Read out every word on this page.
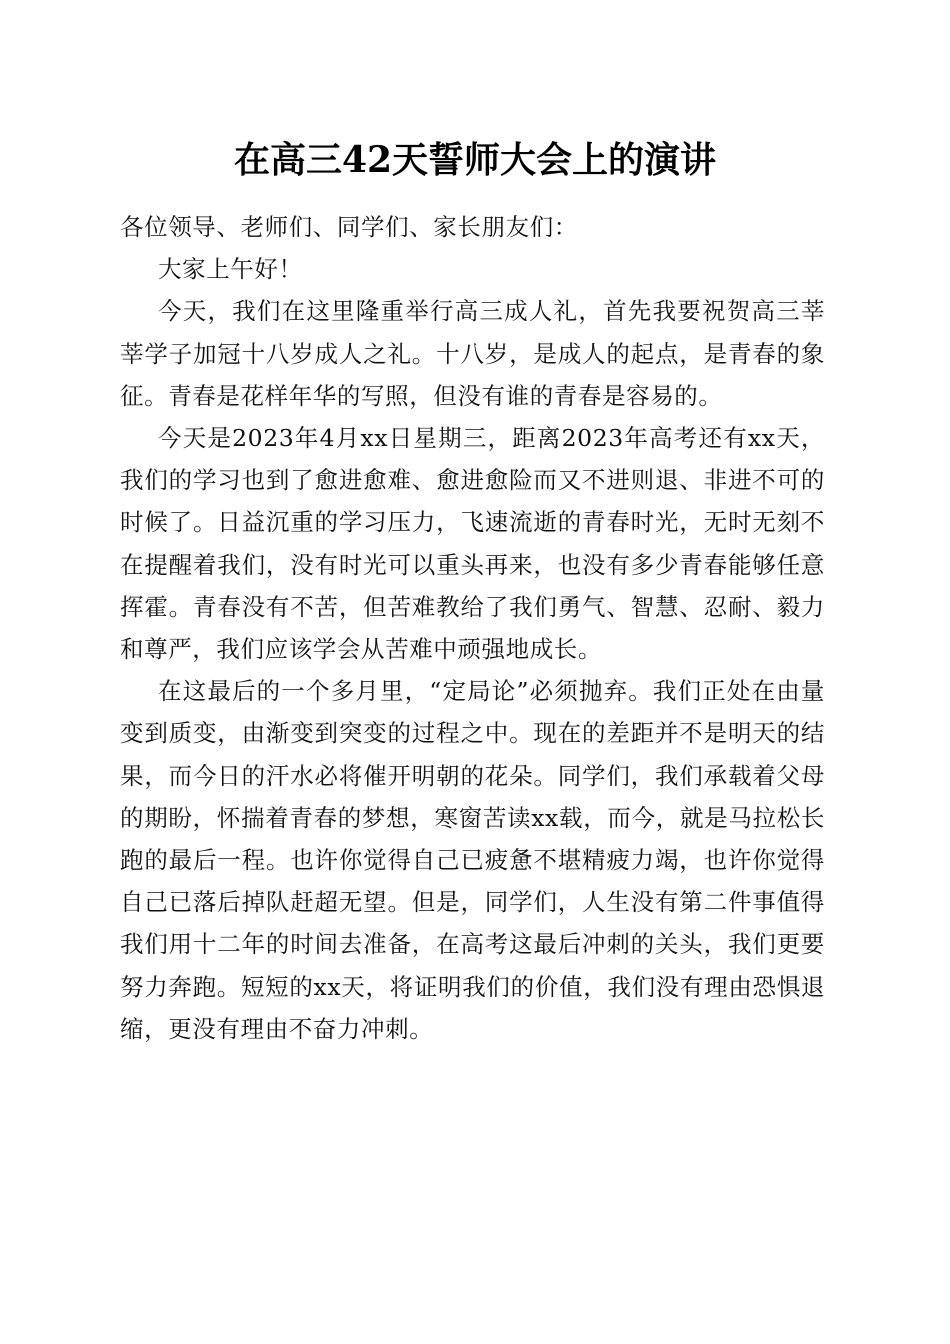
在高三42天誓师大会上的演讲

各位领导、老师们、同学们、家长朋友们：

大家上午好！

今天，我们在这里隆重举行高三成人礼，首先我要祝贺高三莘莘学子加冠十八岁成人之礼。十八岁，是成人的起点，是青春的象征。青春是花样年华的写照，但没有谁的青春是容易的。

今天是2023年4月xx日星期三，距离2023年高考还有xx天，我们的学习也到了愈进愈难、愈进愈险而又不进则退、非进不可的时候了。日益沉重的学习压力，飞速流逝的青春时光，无时无刻不在提醒着我们，没有时光可以重头再来，也没有多少青春能够任意挥霍。青春没有不苦，但苦难教给了我们勇气、智慧、忍耐、毅力和尊严，我们应该学会从苦难中顽强地成长。

在这最后的一个多月里，“定局论”必须抛弃。我们正处在由量变到质变，由渐变到突变的过程之中。现在的差距并不是明天的结果，而今日的汗水必将催开明朝的花朵。同学们，我们承载着父母的期盼，怀揣着青春的梦想，寒窗苦读xx载，而今，就是马拉松长跑的最后一程。也许你觉得自己已疲惫不堪精疲力竭，也许你觉得自己已落后掉队赶超无望。但是，同学们，人生没有第二件事值得我们用十二年的时间去准备，在高考这最后冲刺的关头，我们更要努力奔跑。短短的xx天，将证明我们的价值，我们没有理由恐惧退缩，更没有理由不奋力冲刺。
